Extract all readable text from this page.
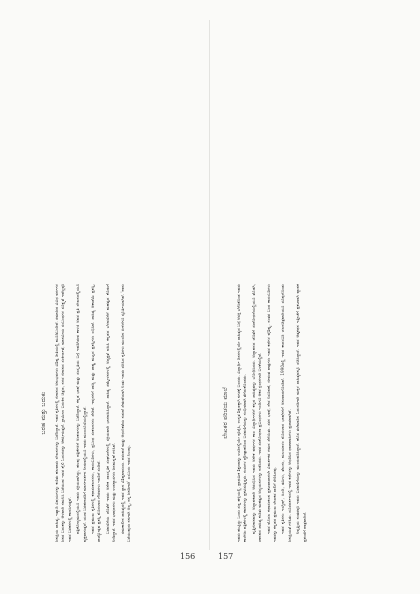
ಬರಹ ಮತ್ತು ಬದುಕು ಜನಪ್ರಿಯ ಸಾಹಿತ್ಯ, ಇತ್ಯಾದಿ ವಿಷಯಗಳನ್ನು ಕುರಿತು ಹಲವಾರು ಲೇಖನಗಳನ್ನು ಬರೆದಿದ್ದಾರೆ. ಇವರ ಕೃತಿಗಳಲ್ಲಿ ಜೀವನದ ಅನುಭವಗಳು ವಿಶಿಷ್ಟ ರೀತಿಯಲ್ಲಿ ಮೂಡಿಬಂದಿವೆ. ಸಮಾಜದ ವಿವಿಧ ವರ್ಗಗಳ ಜನರ ಬದುಕನ್ನು ಆಳವಾಗಿ ಗಮನಿಸಿ ಬರೆಯುವ ಇವರ ಶೈಲಿ ಓದುಗರನ್ನು ಆಕರ್ಷಿಸುತ್ತದೆ. ಗ್ರಾಮೀಣ ಬದುಕಿನ ಚಿತ್ರಣ, ನಗರ ಜೀವನದ ಸಂಕೀರ್ಣತೆ, ಮಾನವೀಯ ಸಂಬಂಧಗಳ ಸೂಕ್ಷ್ಮತೆ ಇವೆಲ್ಲವೂ ಇವರ ಬರಹಗಳಲ್ಲಿ ಕಾಣಸಿಗುತ್ತವೆ. ಪತ್ರಿಕೋದ್ಯಮದಲ್ಲಿಯೂ ಇವರು ಸಕ್ರಿಯರಾಗಿದ್ದು, ಹಲವು ಪತ್ರಿಕೆಗಳಿಗೆ ಅಂಕಣಗಳನ್ನು ಬರೆದಿದ್ದಾರೆ. ಕನ್ನಡ ಭಾಷೆ ಮತ್ತು ಸಂಸ್ಕೃತಿಯ ಬಗ್ಗೆ ಇವರಿಗಿರುವ ಕಾಳಜಿ ಅವರ ಪ್ರತಿ ಲೇಖನದಲ್ಲಿಯೂ ವ್ಯಕ್ತವಾಗುತ್ತದೆ. ಯುವ ಬರಹಗಾರರಿಗೆ ಮಾರ್ಗದರ್ಶನ ನೀಡುವಲ್ಲಿಯೂ ಇವರು ಮುಂಚೂಣಿಯಲ್ಲಿದ್ದಾರೆ. ಇವರ ಪ್ರಮುಖ ಕೃತಿಗಳಲ್ಲಿ ಕಥಾಸಂಕಲನಗಳು, ಕಾದಂಬರಿಗಳು, ಪ್ರಬಂಧ ಸಂಕಲನಗಳು ಸೇರಿವೆ. ಇವುಗಳಿಗೆ ರಾಜ್ಯ ಮತ್ತು ರಾಷ್ಟ್ರ ಮಟ್ಟದ ಪ್ರಶಸ್ತಿಗಳು ಲಭಿಸಿವೆ. ಸಾಹಿತ್ಯ ಅಕಾಡೆಮಿ ಪ್ರಶಸ್ತಿ, ರಾಜ್ಯೋತ್ಸವ ಪ್ರಶಸ್ತಿ ಮೊದಲಾದ ಗೌರವಗಳು ಇವರಿಗೆ ಸಂದಿವೆ. ಬರವಣಿಗೆಯ ಜೊತೆಗೆ ಇವರು ಅನೇಕ ಸಾಂಸ್ಕೃತಿಕ ಸಂಘಟನೆಗಳಲ್ಲಿ ಸಕ್ರಿಯವಾಗಿ ಭಾಗವಹಿಸಿದ್ದಾರೆ. ಸಾಹಿತ್ಯ ಸಮ್ಮೇಳನಗಳಲ್ಲಿ ಅಧ್ಯಕ್ಷತೆ ವಹಿಸಿ ಕನ್ನಡದ ಬೆಳವಣಿಗೆಗೆ ಮಹತ್ವದ ಕೊಡುಗೆ ನೀಡಿದ್ದಾರೆ. ಇವರ ಭಾಷಣಗಳು ಮತ್ತು ಉಪನ್ಯಾಸಗಳು ಜನಮನ್ನಣೆ ಗಳಿಸಿವೆ. ಸಮಕಾಲೀನ ಸಾಹಿತ್ಯದಲ್ಲಿ ಇವರ ಸ್ಥಾನ ವಿಶಿಷ್ಟವಾದುದು. ಪರಂಪರೆ ಮತ್ತು ಆಧುನಿಕತೆಯ ನಡುವೆ ಸೇತುವೆಯಾಗಿ ನಿಂತು ಇವರು ರಚಿಸಿದ ಕೃತಿಗಳು ಮುಂದಿನ ಪೀಳಿಗೆಗೂ ಸ್ಫೂರ್ತಿಯಾಗಿವೆ. 'ನಾನು ಬರೆಯುವುದು ನನಗಾಗಿ ಅಲ್ಲ, ನನ್ನ ಜನರಿಗಾಗಿ' ಎಂಬುದು ಇವರ ನಿಲುವು.

ಲೇಖಕರ ಪರಿಚಯ ಮಾಲೆ ಇವರು ಹುಟ್ಟಿದ್ದು ಒಂದು ಸಣ್ಣ ಹಳ್ಳಿಯಲ್ಲಿ. ಪ್ರಾಥಮಿಕ ಶಿಕ್ಷಣವನ್ನು ಊರಿನಲ್ಲಿಯೇ ಪೂರೈಸಿ, ಉನ್ನತ ಶಿಕ್ಷಣಕ್ಕಾಗಿ ನಗರಕ್ಕೆ ಬಂದರು. ವಿದ್ಯಾರ್ಥಿ ದಿನಗಳಲ್ಲಿಯೇ ಸಾಹಿತ್ಯದ ಬಗ್ಗೆ ಆಸಕ್ತಿ ಬೆಳೆಸಿಕೊಂಡ ಇವರು ಕಾಲೇಜು ಪತ್ರಿಕೆಗಳಲ್ಲಿ ಕವನಗಳನ್ನು ಪ್ರಕಟಿಸುತ್ತಿದ್ದರು. ಗುರುಗಳ ಪ್ರೋತ್ಸಾಹದಿಂದ ಬರವಣಿಗೆಯನ್ನು ಗಂಭೀರವಾಗಿ ತೆಗೆದುಕೊಂಡರು. ವೃತ್ತಿಜೀವನವನ್ನು ಅಧ್ಯಾಪಕರಾಗಿ ಆರಂಭಿಸಿದ ಇವರು ಅನೇಕ ವರ್ಷಗಳ ಕಾಲ ವಿದ್ಯಾರ್ಥಿಗಳಿಗೆ ಕನ್ನಡ ಸಾಹಿತ್ಯವನ್ನು ಬೋಧಿಸಿದರು. ಅಧ್ಯಾಪನದ ಜೊತೆಗೆ ಸಂಶೋಧನೆಯಲ್ಲಿಯೂ ತೊಡಗಿ, ಜಾನಪದ ಸಾಹಿತ್ಯ ಕುರಿತು ಮಹತ್ವದ ಅಧ್ಯಯನಗಳನ್ನು ನಡೆಸಿದರು. ಇವರ ಸಂಶೋಧನಾ ಪ್ರಬಂಧಗಳು ಇಂದಿಗೂ ಆಕರ ಗ್ರಂಥಗಳಾಗಿ ಬಳಕೆಯಲ್ಲಿವೆ. ಇವರ ಮೊದಲ ಕಥಾಸಂಕಲನ ಪ್ರಕಟವಾದಾಗಲೇ ವಿಮರ್ಶಕರ ಗಮನ ಸೆಳೆಯಿತು. ಸರಳ ಭಾಷೆ, ನೇರ ನಿರೂಪಣೆ, ಜೀವಂತ ಪಾತ್ರಗಳು ಇವರ ಕಥೆಗಳ ವೈಶಿಷ್ಟ್ಯ. ನಂತರ ಬಂದ ಕಾದಂಬರಿಗಳು ಇವರನ್ನು ಕನ್ನಡದ ಪ್ರಮುಖ ಲೇಖಕರ ಸಾಲಿಗೆ ಸೇರಿಸಿದವು. ಇವರ ಕೃತಿಗಳು ಇಂಗ್ಲಿಷ್, ಹಿಂದಿ, ತಮಿಳು, ತೆಲುಗು, ಮಲಯಾಳಂ ಮೊದಲಾದ ಭಾಷೆಗಳಿಗೆ ಅನುವಾದಗೊಂಡಿವೆ. 1990ರಲ್ಲಿ ಇವರ ಕಾದಂಬರಿ ಚಲನಚಿತ್ರವಾಗಿಯೂ ರೂಪುಗೊಂಡು ಜನಪ್ರಿಯತೆ ಗಳಿಸಿತು. ದೂರದರ್ಶನದಲ್ಲಿ ಇವರ ಕಥೆಗಳನ್ನು ಆಧರಿಸಿದ ಧಾರಾವಾಹಿಗಳು ಪ್ರಸಾರವಾಗಿವೆ. ನಿವೃತ್ತಿಯ ನಂತರವೂ ಇವರು ಬರವಣಿಗೆಯನ್ನು ಮುಂದುವರಿಸಿದ್ದಾರೆ. ಹೊಸ ತಲೆಮಾರಿನ ಓದುಗರಿಗಾಗಿ ಮಕ್ಕಳ ಸಾಹಿತ್ಯವನ್ನೂ ರಚಿಸಿದ್ದಾರೆ. ಇವರ ಆತ್ಮಕಥನ ಇತ್ತೀಚೆಗೆ ಪ್ರಕಟವಾಗಿ ವ್ಯಾಪಕ ಪ್ರಶಂಸೆಗೆ ಪಾತ್ರವಾಗಿದೆ.

156	157
